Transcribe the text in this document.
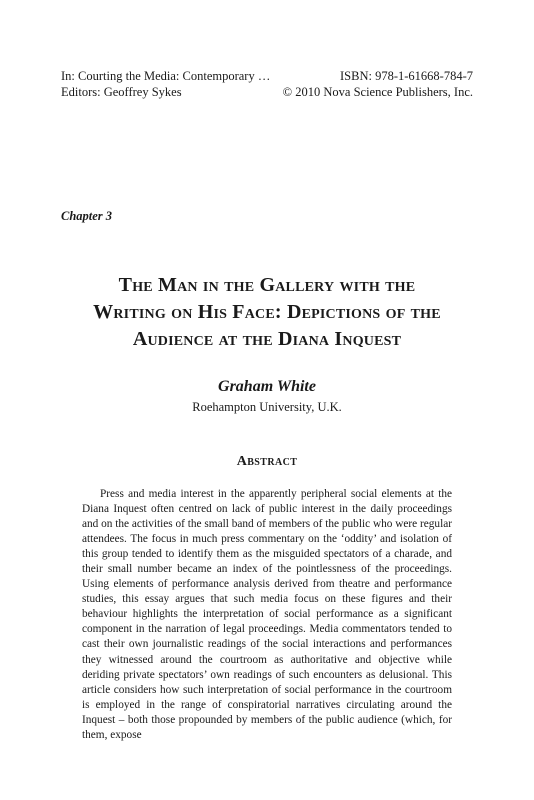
In: Courting the Media: Contemporary …	ISBN: 978-1-61668-784-7
Editors: Geoffrey Sykes	© 2010 Nova Science Publishers, Inc.
Chapter 3
The Man in the Gallery with the
Writing on His Face: Depictions of the
Audience at the Diana Inquest
Graham White
Roehampton University, U.K.
Abstract
Press and media interest in the apparently peripheral social elements at the Diana Inquest often centred on lack of public interest in the daily proceedings and on the activities of the small band of members of the public who were regular attendees. The focus in much press commentary on the ‘oddity’ and isolation of this group tended to identify them as the misguided spectators of a charade, and their small number became an index of the pointlessness of the proceedings. Using elements of performance analysis derived from theatre and performance studies, this essay argues that such media focus on these figures and their behaviour highlights the interpretation of social performance as a significant component in the narration of legal proceedings. Media commentators tended to cast their own journalistic readings of the social interactions and performances they witnessed around the courtroom as authoritative and objective while deriding private spectators’ own readings of such encounters as delusional. This article considers how such interpretation of social performance in the courtroom is employed in the range of conspiratorial narratives circulating around the Inquest – both those propounded by members of the public audience (which, for them, expose
